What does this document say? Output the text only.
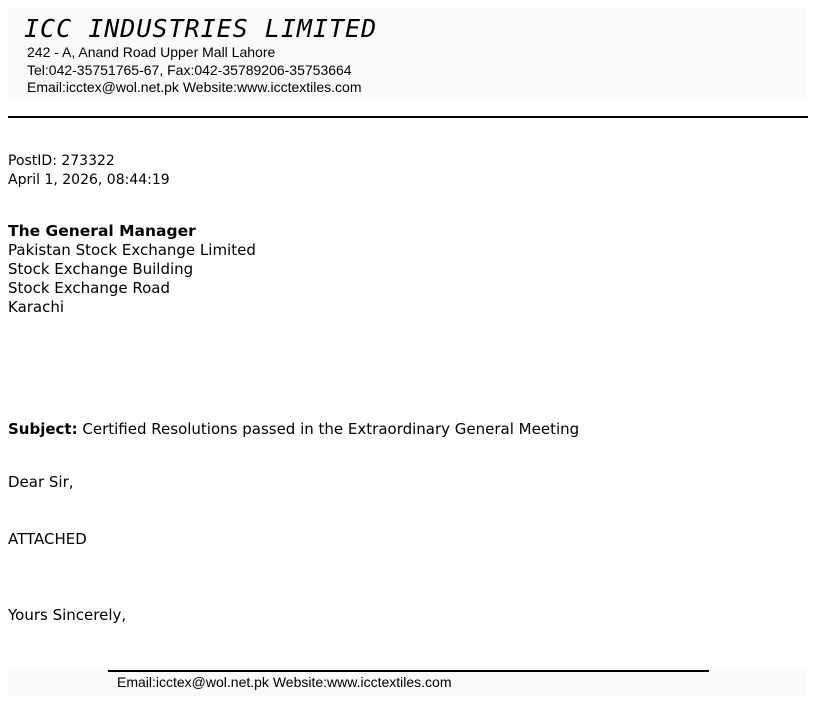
ICC INDUSTRIES LIMITED
242 - A, Anand Road Upper Mall Lahore
Tel:042-35751765-67, Fax:042-35789206-35753664
Email:icctex@wol.net.pk Website:www.icctextiles.com
PostID: 273322
April 1, 2026, 08:44:19
The General Manager
Pakistan Stock Exchange Limited
Stock Exchange Building
Stock Exchange Road
Karachi
Subject: Certified Resolutions passed in the Extraordinary General Meeting
Dear Sir,
ATTACHED
Yours Sincerely,
Email:icctex@wol.net.pk Website:www.icctextiles.com
